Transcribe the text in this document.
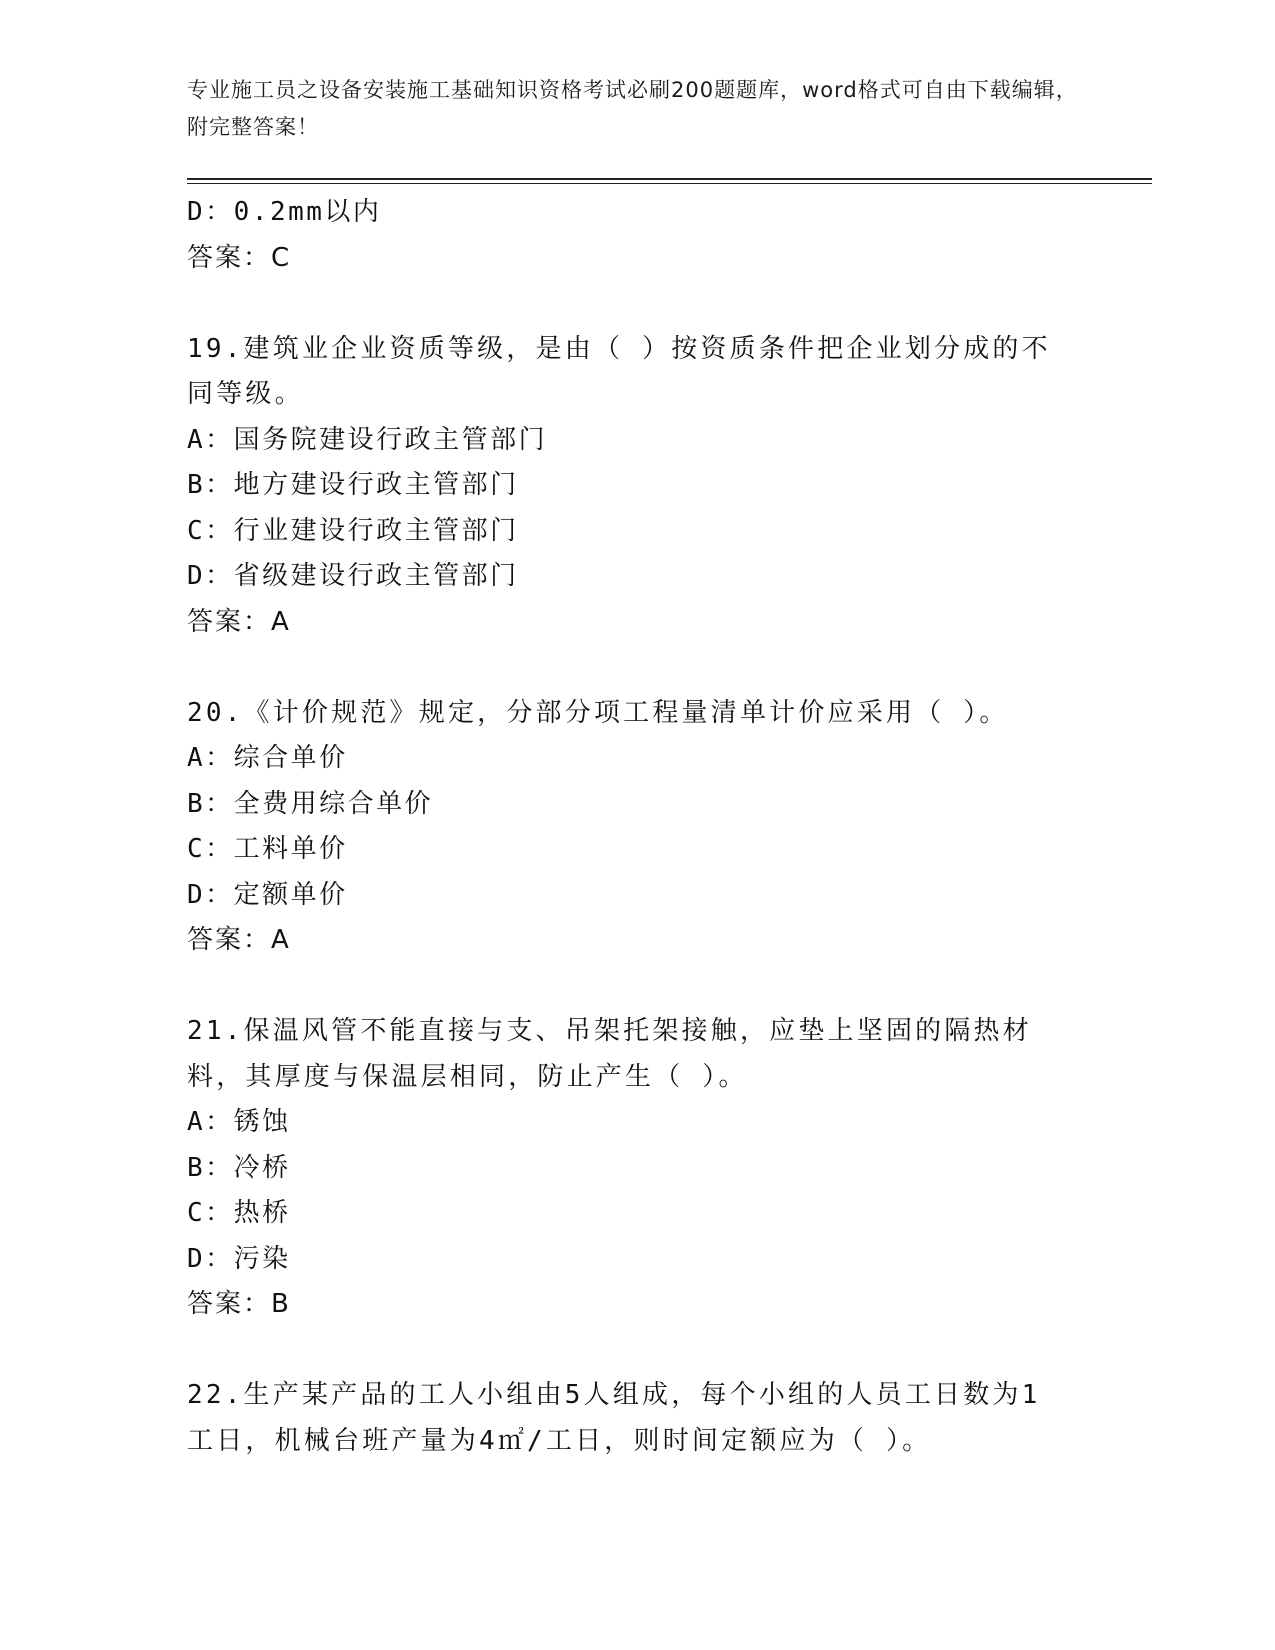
专业施工员之设备安装施工基础知识资格考试必刷200题题库，word格式可自由下载编辑，附完整答案！
D：0.2mm以内
答案：C
19.建筑业企业资质等级，是由（ ）按资质条件把企业划分成的不同等级。
A：国务院建设行政主管部门
B：地方建设行政主管部门
C：行业建设行政主管部门
D：省级建设行政主管部门
答案：A
20.《计价规范》规定，分部分项工程量清单计价应采用（ ）。
A：综合单价
B：全费用综合单价
C：工料单价
D：定额单价
答案：A
21.保温风管不能直接与支、吊架托架接触，应垫上坚固的隔热材料，其厚度与保温层相同，防止产生（ ）。
A：锈蚀
B：冷桥
C：热桥
D：污染
答案：B
22.生产某产品的工人小组由5人组成，每个小组的人员工日数为1工日，机械台班产量为4㎡/工日，则时间定额应为（ ）。
